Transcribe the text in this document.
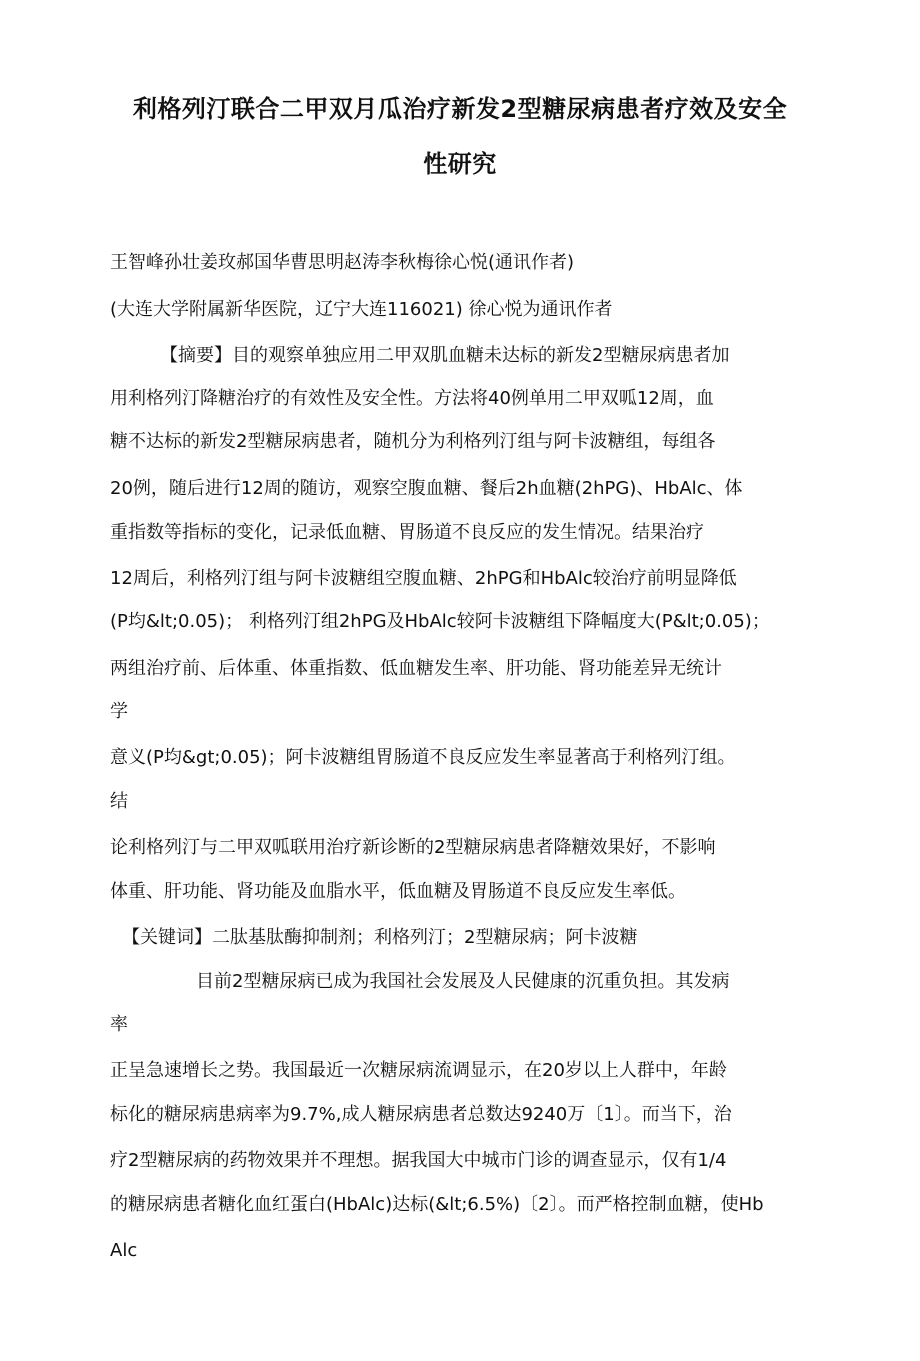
利格列汀联合二甲双月瓜治疗新发2型糖尿病患者疗效及安全
性研究
王智峰孙壮姜玫郝国华曹思明赵涛李秋梅徐心悦(通讯作者)
(大连大学附属新华医院，辽宁大连116021) 徐心悦为通讯作者
【摘要】目的观察单独应用二甲双肌血糖未达标的新发2型糖尿病患者加
用利格列汀降糖治疗的有效性及安全性。方法将40例单用二甲双呱12周，血
糖不达标的新发2型糖尿病患者，随机分为利格列汀组与阿卡波糖组，每组各
20例，随后进行12周的随访，观察空腹血糖、餐后2h血糖(2hPG)、HbAlc、体
重指数等指标的变化，记录低血糖、胃肠道不良反应的发生情况。结果治疗
12周后，利格列汀组与阿卡波糖组空腹血糖、2hPG和HbAlc较治疗前明显降低
(P均&lt;0.05)； 利格列汀组2hPG及HbAlc较阿卡波糖组下降幅度大(P&lt;0.05)；
两组治疗前、后体重、体重指数、低血糖发生率、肝功能、肾功能差异无统计
学
意义(P均&gt;0.05)；阿卡波糖组胃肠道不良反应发生率显著高于利格列汀组。
结
论利格列汀与二甲双呱联用治疗新诊断的2型糖尿病患者降糖效果好，不影响
体重、肝功能、肾功能及血脂水平，低血糖及胃肠道不良反应发生率低。
【关键词】二肽基肽酶抑制剂；利格列汀；2型糖尿病；阿卡波糖
目前2型糖尿病已成为我国社会发展及人民健康的沉重负担。其发病
率
正呈急速增长之势。我国最近一次糖尿病流调显示，在20岁以上人群中，年龄
标化的糖尿病患病率为9.7%,成人糖尿病患者总数达9240万〔1〕。而当下，治
疗2型糖尿病的药物效果并不理想。据我国大中城市门诊的调查显示，仅有1/4
的糖尿病患者糖化血红蛋白(HbAlc)达标(&lt;6.5%)〔2〕。而严格控制血糖，使Hb
Alc
